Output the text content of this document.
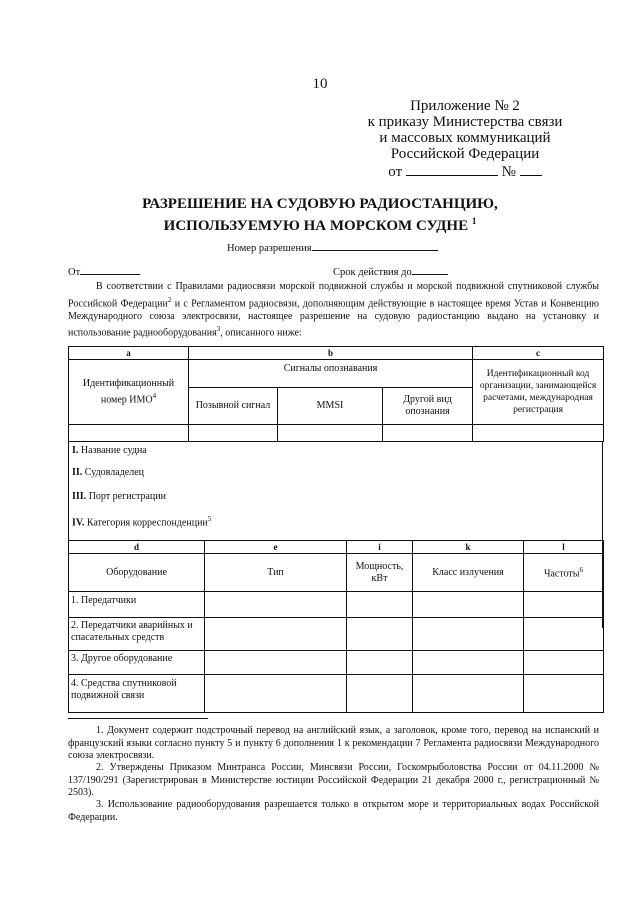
10
Приложение № 2
к приказу Министерства связи
и массовых коммуникаций
Российской Федерации
от	№
РАЗРЕШЕНИЕ НА СУДОВУЮ РАДИОСТАНЦИЮ,
ИСПОЛЬЗУЕМУЮ НА МОРСКОМ СУДНЕ $^1$
Номер разрешения
От	Срок действия до
В соответствии с Правилами радиосвязи морской подвижной службы и морской подвижной спутниковой службы Российской Федерации$^2$ и с Регламентом радиосвязи, дополняющим действующие в настоящее время Устав и Конвенцию Международного союза электросвязи, настоящее разрешение на судовую радиостанцию выдано на установку и использование радиооборудования$^3$, описанного ниже:
a	b			c
Идентификационный номер ИМО$^4$	Сигналы опознавания			Идентификационный код организации, занимающейся расчетами, международная регистрация
	Позывной сигнал	MMSI	Другой вид опознания	

I. Название судна
II. Судовладелец
III. Порт регистрации
IV. Категория корреспонденции$^5$
d	e	i	k	l
Оборудование	Тип	Мощность, кВт	Класс излучения	Частоты$^6$
1. Передатчики				
2. Передатчики аварийных и спасательных средств				
3. Другое оборудование				
4. Средства спутниковой подвижной связи				
1. Документ содержит подстрочный перевод на английский язык, а заголовок, кроме того, перевод на испанский и французский языки согласно пункту 5 и пункту 6 дополнения 1 к рекомендации 7 Регламента радиосвязи Международного союза электросвязи.
2. Утверждены Приказом Минтранса России, Минсвязи России, Госкомрыболовства России от 04.11.2000 № 137/190/291 (Зарегистрирован в Министерстве юстиции Российской Федерации 21 декабря 2000 г., регистрационный № 2503).
3. Использование радиооборудования разрешается только в открытом море и территориальных водах Российской Федерации.
